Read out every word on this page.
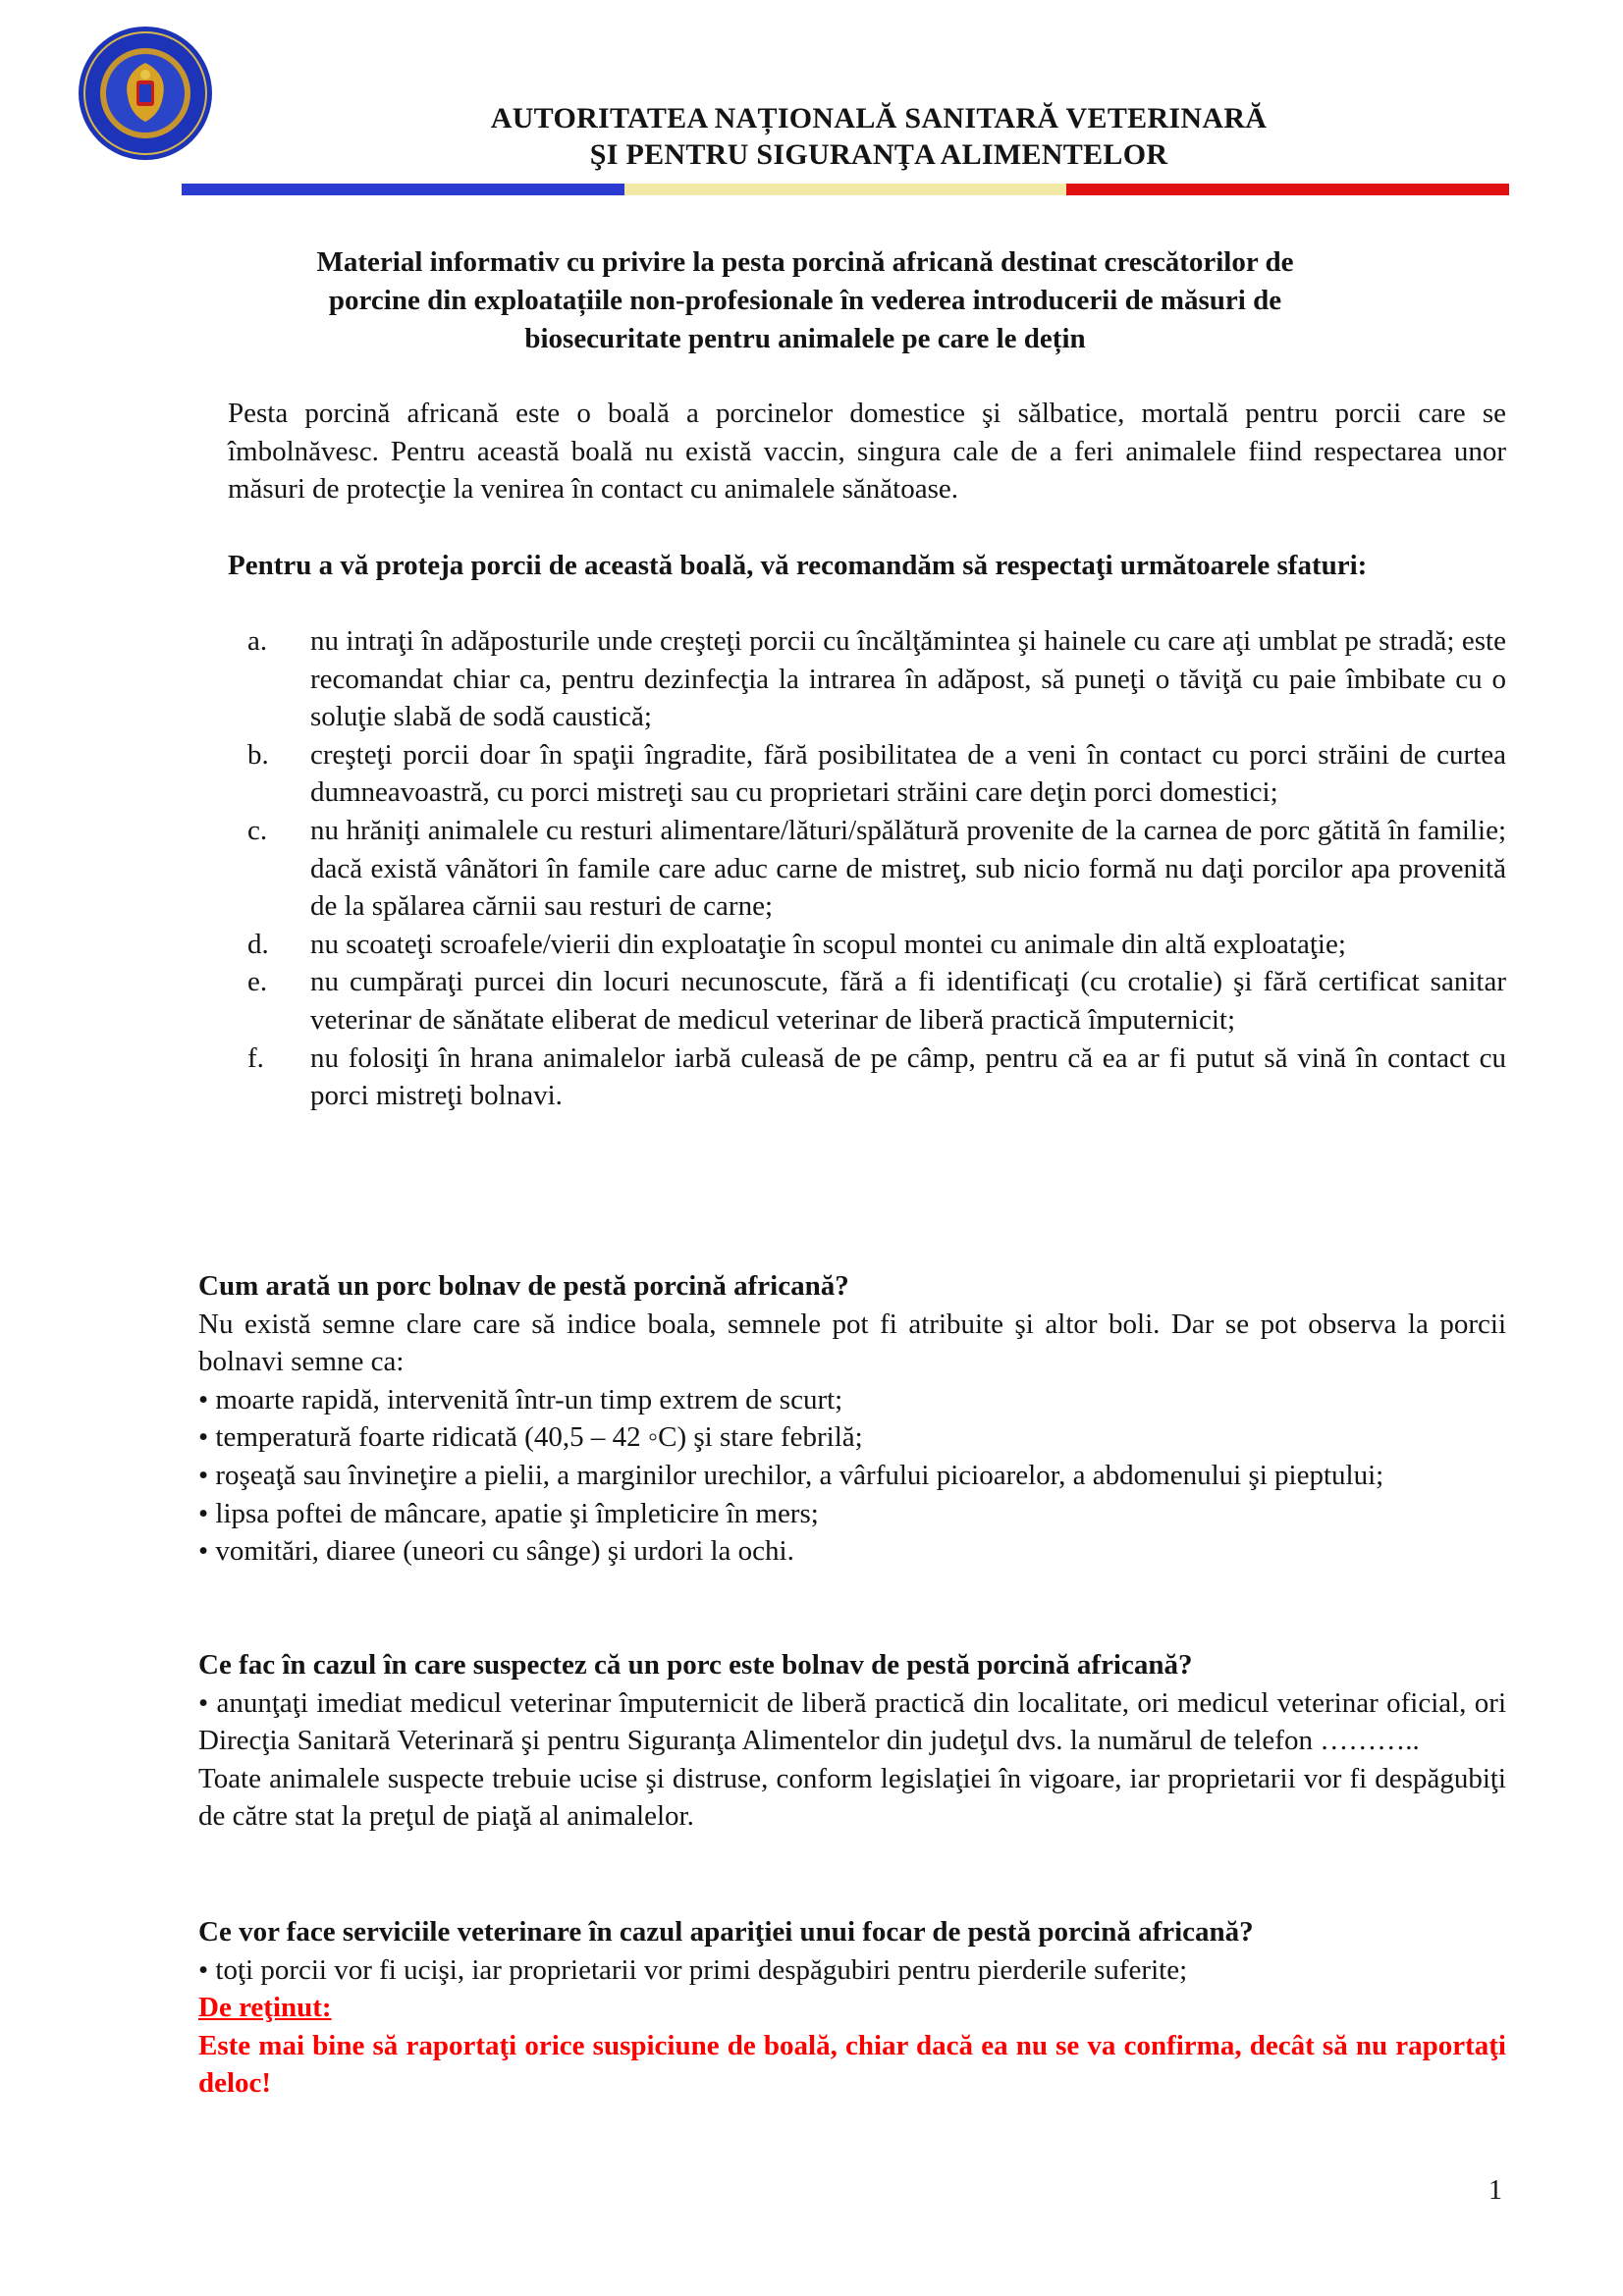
AUTORITATEA NAȚIONALĂ SANITARĂ VETERINARĂ
ŞI PENTRU SIGURANŢA ALIMENTELOR
Material informativ cu privire la pesta porcină africană destinat crescătorilor de porcine din exploatațiile non-profesionale în vederea introducerii de măsuri de biosecuritate pentru animalele pe care le dețin
Pesta porcină africană este o boală a porcinelor domestice şi sălbatice, mortală pentru porcii care se îmbolnăvesc. Pentru această boală nu există vaccin, singura cale de a feri animalele fiind respectarea unor măsuri de protecţie la venirea în contact cu animalele sănătoase.
Pentru a vă proteja porcii de această boală, vă recomandăm să respectaţi următoarele sfaturi:
a.	nu intraţi în adăposturile unde creşteţi porcii cu încălţămintea şi hainele cu care aţi umblat pe stradă; este recomandat chiar ca, pentru dezinfecţia la intrarea în adăpost, să puneţi o tăviţă cu paie îmbibate cu o soluţie slabă de sodă caustică;
b.	creşteţi porcii doar în spaţii îngradite, fără posibilitatea de a veni în contact cu porci străini de curtea dumneavoastră, cu porci mistreţi sau cu proprietari străini care deţin porci domestici;
c.	nu hrăniţi animalele cu resturi alimentare/lături/spălătură provenite de la carnea de porc gătită în familie; dacă există vânători în famile care aduc carne de mistreţ, sub nicio formă nu daţi porcilor apa provenită de la spălarea cărnii sau resturi de carne;
d.	nu scoateţi scroafele/vierii din exploataţie în scopul montei cu animale din altă exploataţie;
e.	nu cumpăraţi purcei din locuri necunoscute, fără a fi identificaţi (cu crotalie) şi fără certificat sanitar veterinar de sănătate eliberat de medicul veterinar de liberă practică împuternicit;
f.	nu folosiţi în hrana animalelor iarbă culeasă de pe câmp, pentru că ea ar fi putut să vină în contact cu porci mistreţi bolnavi.

Cum arată un porc bolnav de pestă porcină africană?

Nu există semne clare care să indice boala, semnele pot fi atribuite şi altor boli. Dar se pot observa la porcii bolnavi semne ca:

• moarte rapidă, intervenită într-un timp extrem de scurt;

• temperatură foarte ridicată (40,5 – 42 ◦C) şi stare febrilă;

• roşeaţă sau învineţire a pielii, a marginilor urechilor, a vârfului picioarelor, a abdomenului şi pieptului;

• lipsa poftei de mâncare, apatie şi împleticire în mers;

• vomitări, diaree (uneori cu sânge) şi urdori la ochi.

Ce fac în cazul în care suspectez că un porc este bolnav de pestă porcină africană?

• anunţaţi imediat medicul veterinar împuternicit de liberă practică din localitate, ori medicul veterinar oficial, ori Direcţia Sanitară Veterinară şi pentru Siguranţa Alimentelor din judeţul dvs. la numărul de telefon ………..

Toate animalele suspecte trebuie ucise şi distruse, conform legislaţiei în vigoare, iar proprietarii vor fi despăgubiţi de către stat la preţul de piaţă al animalelor.

Ce vor face serviciile veterinare în cazul apariţiei unui focar de pestă porcină africană?

• toţi porcii vor fi ucişi, iar proprietarii vor primi despăgubiri pentru pierderile suferite;

De reţinut:

Este mai bine să raportaţi orice suspiciune de boală, chiar dacă ea nu se va confirma, decât să nu raportaţi deloc!

1
